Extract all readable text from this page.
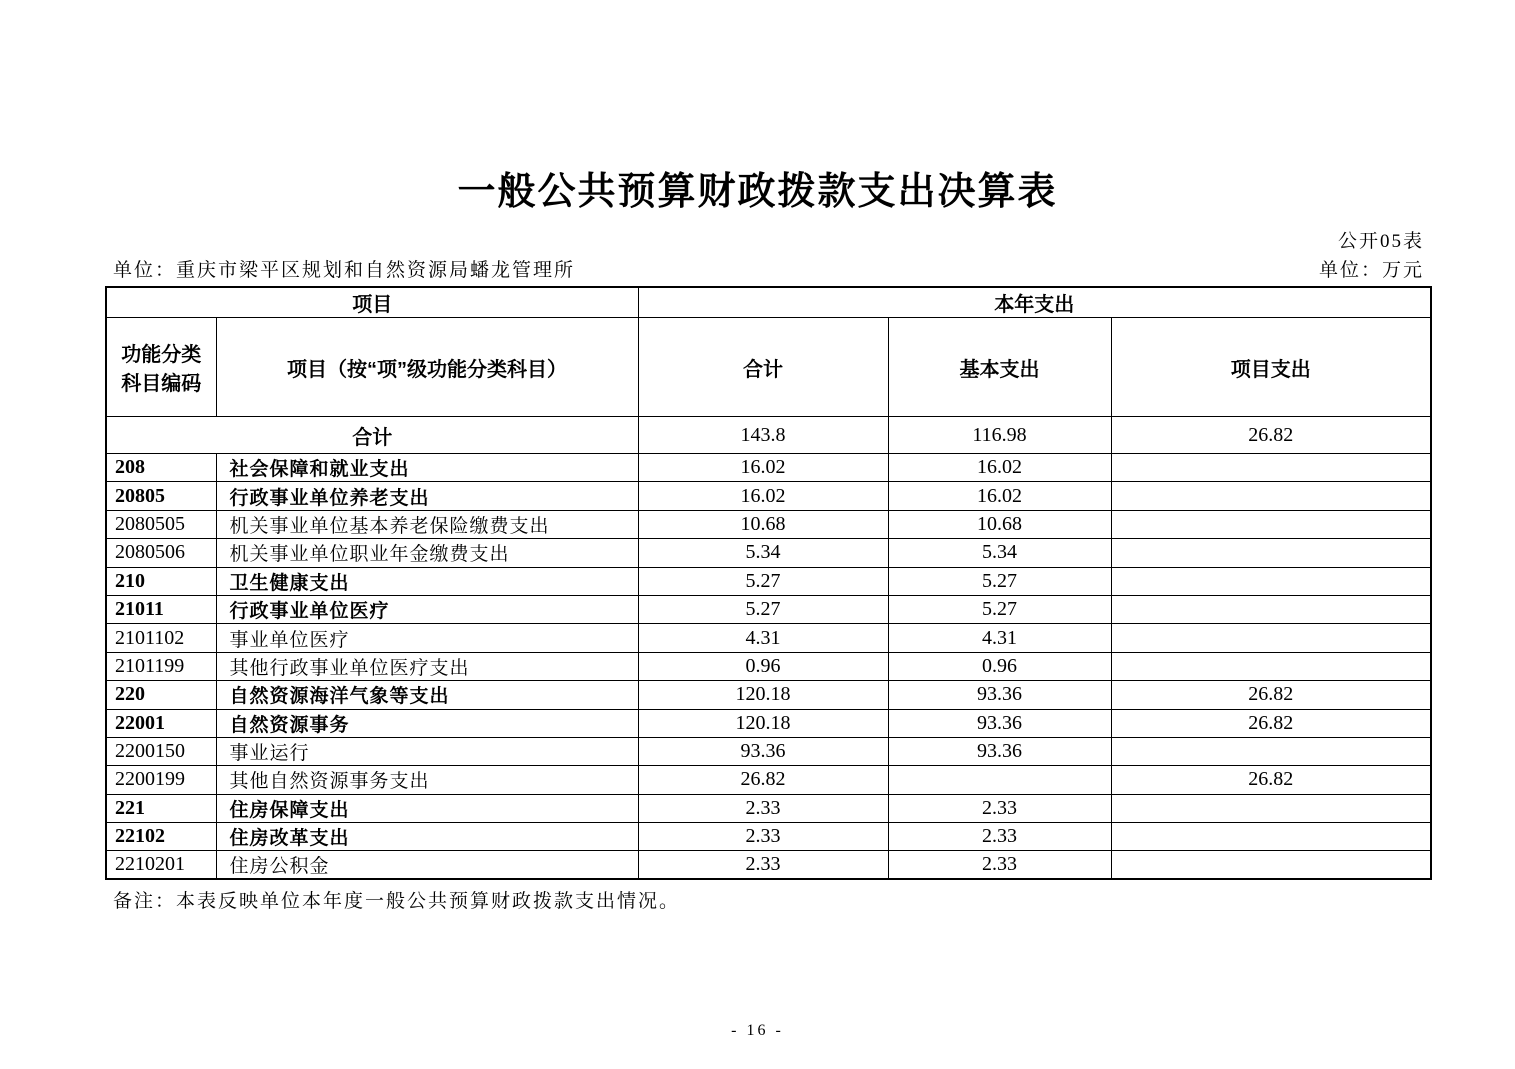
一般公共预算财政拨款支出决算表
公开05表
单位：重庆市梁平区规划和自然资源局蟠龙管理所	单位：万元
项目		本年支出		

功能分类
科目编码	项目（按“项”级功能分类科目）	合计	基本支出	项目支出
合计		143.8	116.98	26.82
208	社会保障和就业支出	16.02	16.02	
20805	行政事业单位养老支出	16.02	16.02	
2080505	机关事业单位基本养老保险缴费支出	10.68	10.68	
2080506	机关事业单位职业年金缴费支出	5.34	5.34	
210	卫生健康支出	5.27	5.27	
21011	行政事业单位医疗	5.27	5.27	
2101102	事业单位医疗	4.31	4.31	
2101199	其他行政事业单位医疗支出	0.96	0.96	
220	自然资源海洋气象等支出	120.18	93.36	26.82
22001	自然资源事务	120.18	93.36	26.82
2200150	事业运行	93.36	93.36	
2200199	其他自然资源事务支出	26.82		26.82
221	住房保障支出	2.33	2.33	
22102	住房改革支出	2.33	2.33	
2210201	住房公积金	2.33	2.33	
备注：本表反映单位本年度一般公共预算财政拨款支出情况。
- 16 -
